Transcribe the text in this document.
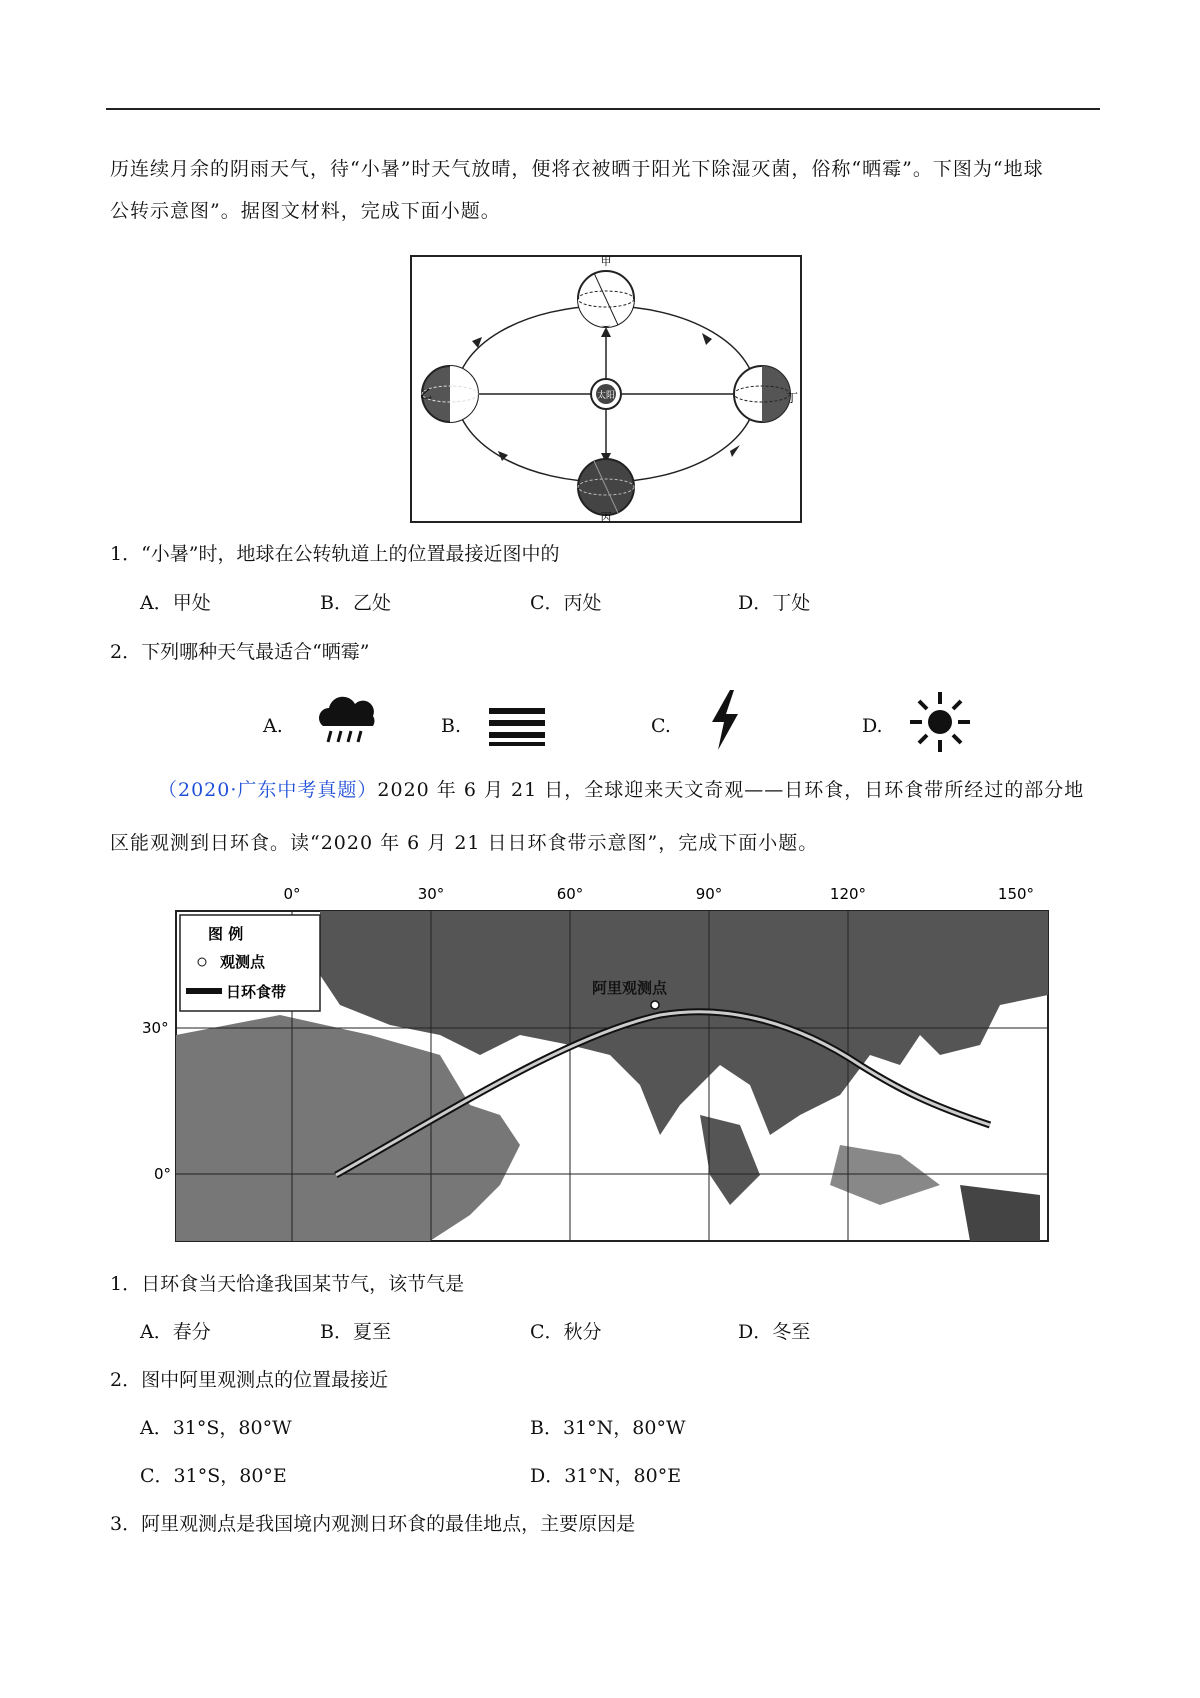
历连续月余的阴雨天气，待“小暑”时天气放晴，便将衣被晒于阳光下除湿灭菌，俗称“晒霉”。下图为“地球
公转示意图”。据图文材料，完成下面小题。
太阳
甲
乙
丙
丁
1．“小暑”时，地球在公转轨道上的位置最接近图中的
A．甲处	B．乙处	C．丙处	D．丁处
2．下列哪种天气最适合“晒霉”
A.	B.	C.	D.
（2020·广东中考真题）2020 年 6 月 21 日，全球迎来天文奇观——日环食，日环食带所经过的部分地
区能观测到日环食。读“2020 年 6 月 21 日日环食带示意图”，完成下面小题。
0°	30°	60°	90°	120°	150°
30°
0°
阿里观测点
图 例
观测点
日环食带
1．日环食当天恰逢我国某节气，该节气是
A．春分	B．夏至	C．秋分	D．冬至
2．图中阿里观测点的位置最接近
A．31°S，80°W	B．31°N，80°W
C．31°S，80°E	D．31°N，80°E
3．阿里观测点是我国境内观测日环食的最佳地点，主要原因是
